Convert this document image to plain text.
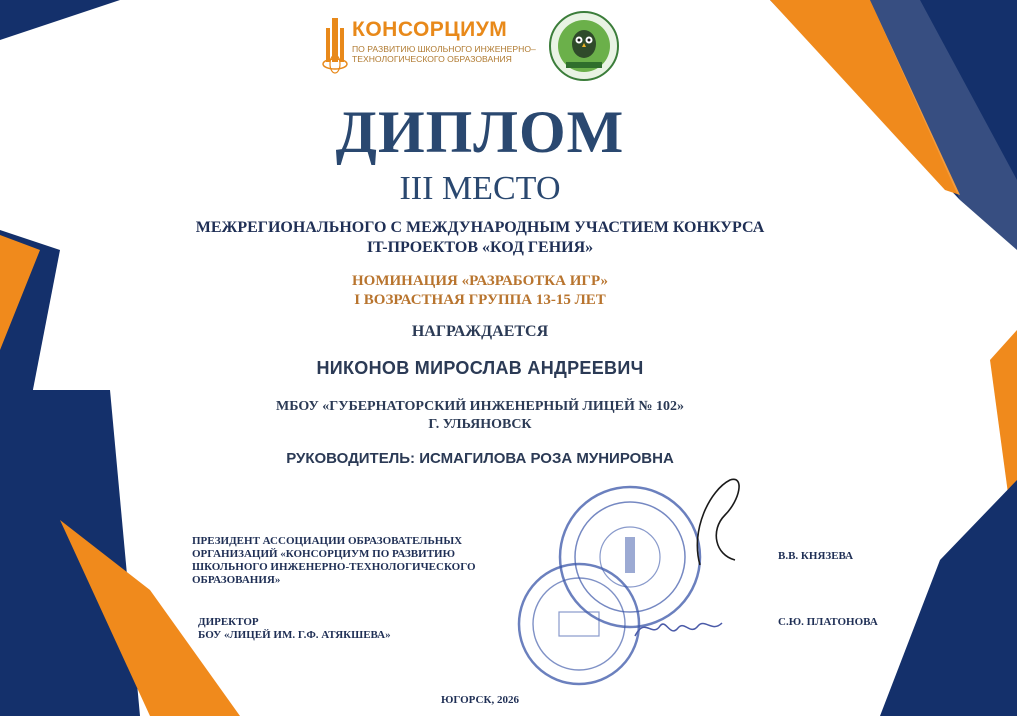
КОНСОРЦИУМ
ПО РАЗВИТИЮ ШКОЛЬНОГО ИНЖЕНЕРНО–ТЕХНОЛОГИЧЕСКОГО ОБРАЗОВАНИЯ
ДИПЛОМ
III МЕСТО
МЕЖРЕГИОНАЛЬНОГО С МЕЖДУНАРОДНЫМ УЧАСТИЕМ КОНКУРСА
IT-ПРОЕКТОВ «КОД ГЕНИЯ»
НОМИНАЦИЯ «РАЗРАБОТКА ИГР»
I ВОЗРАСТНАЯ ГРУППА 13-15 ЛЕТ
НАГРАЖДАЕТСЯ
НИКОНОВ МИРОСЛАВ АНДРЕЕВИЧ
МБОУ «ГУБЕРНАТОРСКИЙ ИНЖЕНЕРНЫЙ ЛИЦЕЙ № 102»
Г. УЛЬЯНОВСК
РУКОВОДИТЕЛЬ: ИСМАГИЛОВА РОЗА МУНИРОВНА
ПРЕЗИДЕНТ АССОЦИАЦИИ ОБРАЗОВАТЕЛЬНЫХ
ОРГАНИЗАЦИЙ «КОНСОРЦИУМ ПО РАЗВИТИЮ
ШКОЛЬНОГО ИНЖЕНЕРНО-ТЕХНОЛОГИЧЕСКОГО
ОБРАЗОВАНИЯ»
В.В. КНЯЗЕВА
ДИРЕКТОР
БОУ «ЛИЦЕЙ ИМ. Г.Ф. АТЯКШЕВА»
С.Ю. ПЛАТОНОВА
ЮГОРСК, 2026
